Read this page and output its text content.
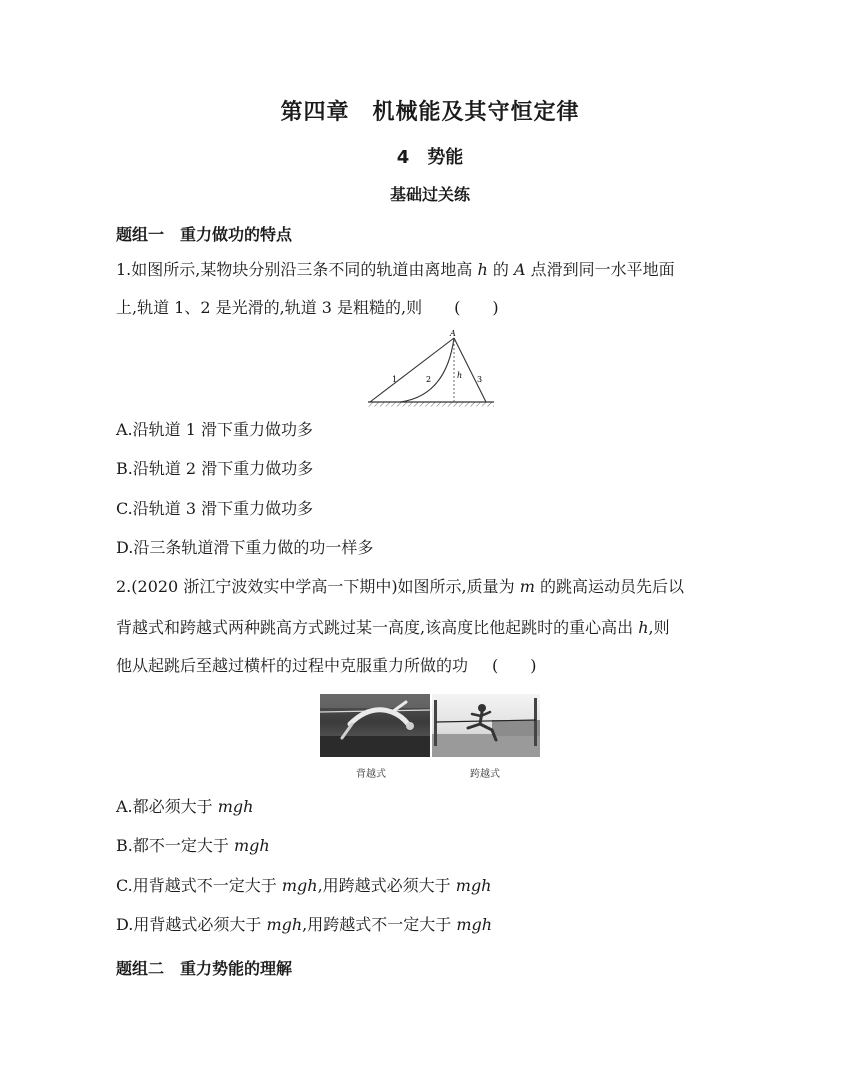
第四章　机械能及其守恒定律
4　势能
基础过关练
题组一　重力做功的特点
1.如图所示,某物块分别沿三条不同的轨道由离地高 h 的 A 点滑到同一水平地面
上,轨道 1、2 是光滑的,轨道 3 是粗糙的,则 (　　)
A
1	2	h 3
A.沿轨道 1 滑下重力做功多
B.沿轨道 2 滑下重力做功多
C.沿轨道 3 滑下重力做功多
D.沿三条轨道滑下重力做的功一样多
2.(2020 浙江宁波效实中学高一下期中)如图所示,质量为 m 的跳高运动员先后以
背越式和跨越式两种跳高方式跳过某一高度,该高度比他起跳时的重心高出 h,则
他从起跳后至越过横杆的过程中克服重力所做的功 (　　)
背越式	跨越式
A.都必须大于 mgh
B.都不一定大于 mgh
C.用背越式不一定大于 mgh,用跨越式必须大于 mgh
D.用背越式必须大于 mgh,用跨越式不一定大于 mgh
题组二　重力势能的理解
